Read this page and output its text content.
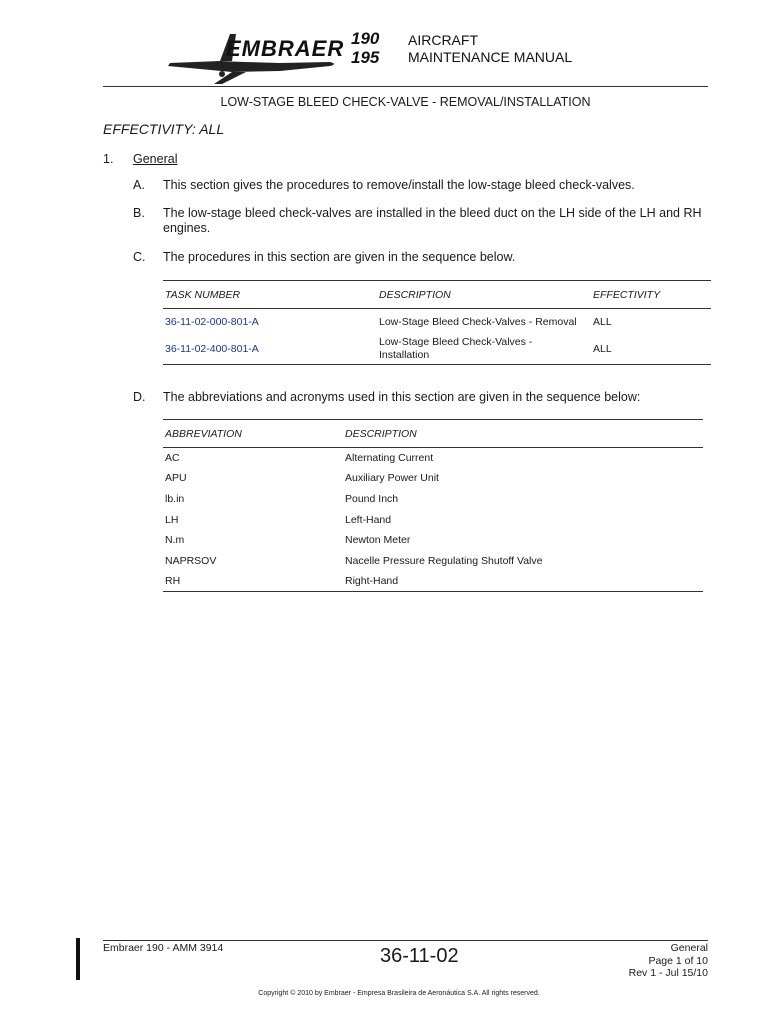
EMBRAER 190
195
AIRCRAFT
MAINTENANCE MANUAL
LOW-STAGE BLEED CHECK-VALVE - REMOVAL/INSTALLATION
EFFECTIVITY: ALL
1. General
A. This section gives the procedures to remove/install the low-stage bleed check-valves.
B. The low-stage bleed check-valves are installed in the bleed duct on the LH side of the LH and RH engines.
C. The procedures in this section are given in the sequence below.
TASK NUMBER	DESCRIPTION	EFFECTIVITY
36-11-02-000-801-A	Low-Stage Bleed Check-Valves - Removal	ALL
36-11-02-400-801-A	Low-Stage Bleed Check-Valves - Installation	ALL
D. The abbreviations and acronyms used in this section are given in the sequence below:
ABBREVIATION	DESCRIPTION
AC	Alternating Current
APU	Auxiliary Power Unit
lb.in	Pound Inch
LH	Left-Hand
N.m	Newton Meter
NAPRSOV	Nacelle Pressure Regulating Shutoff Valve
RH	Right-Hand
Embraer 190 - AMM 3914	36-11-02	General
Page 1 of 10
Rev 1 - Jul 15/10
Copyright © 2010 by Embraer - Empresa Brasileira de Aeronáutica S.A. All rights reserved.
